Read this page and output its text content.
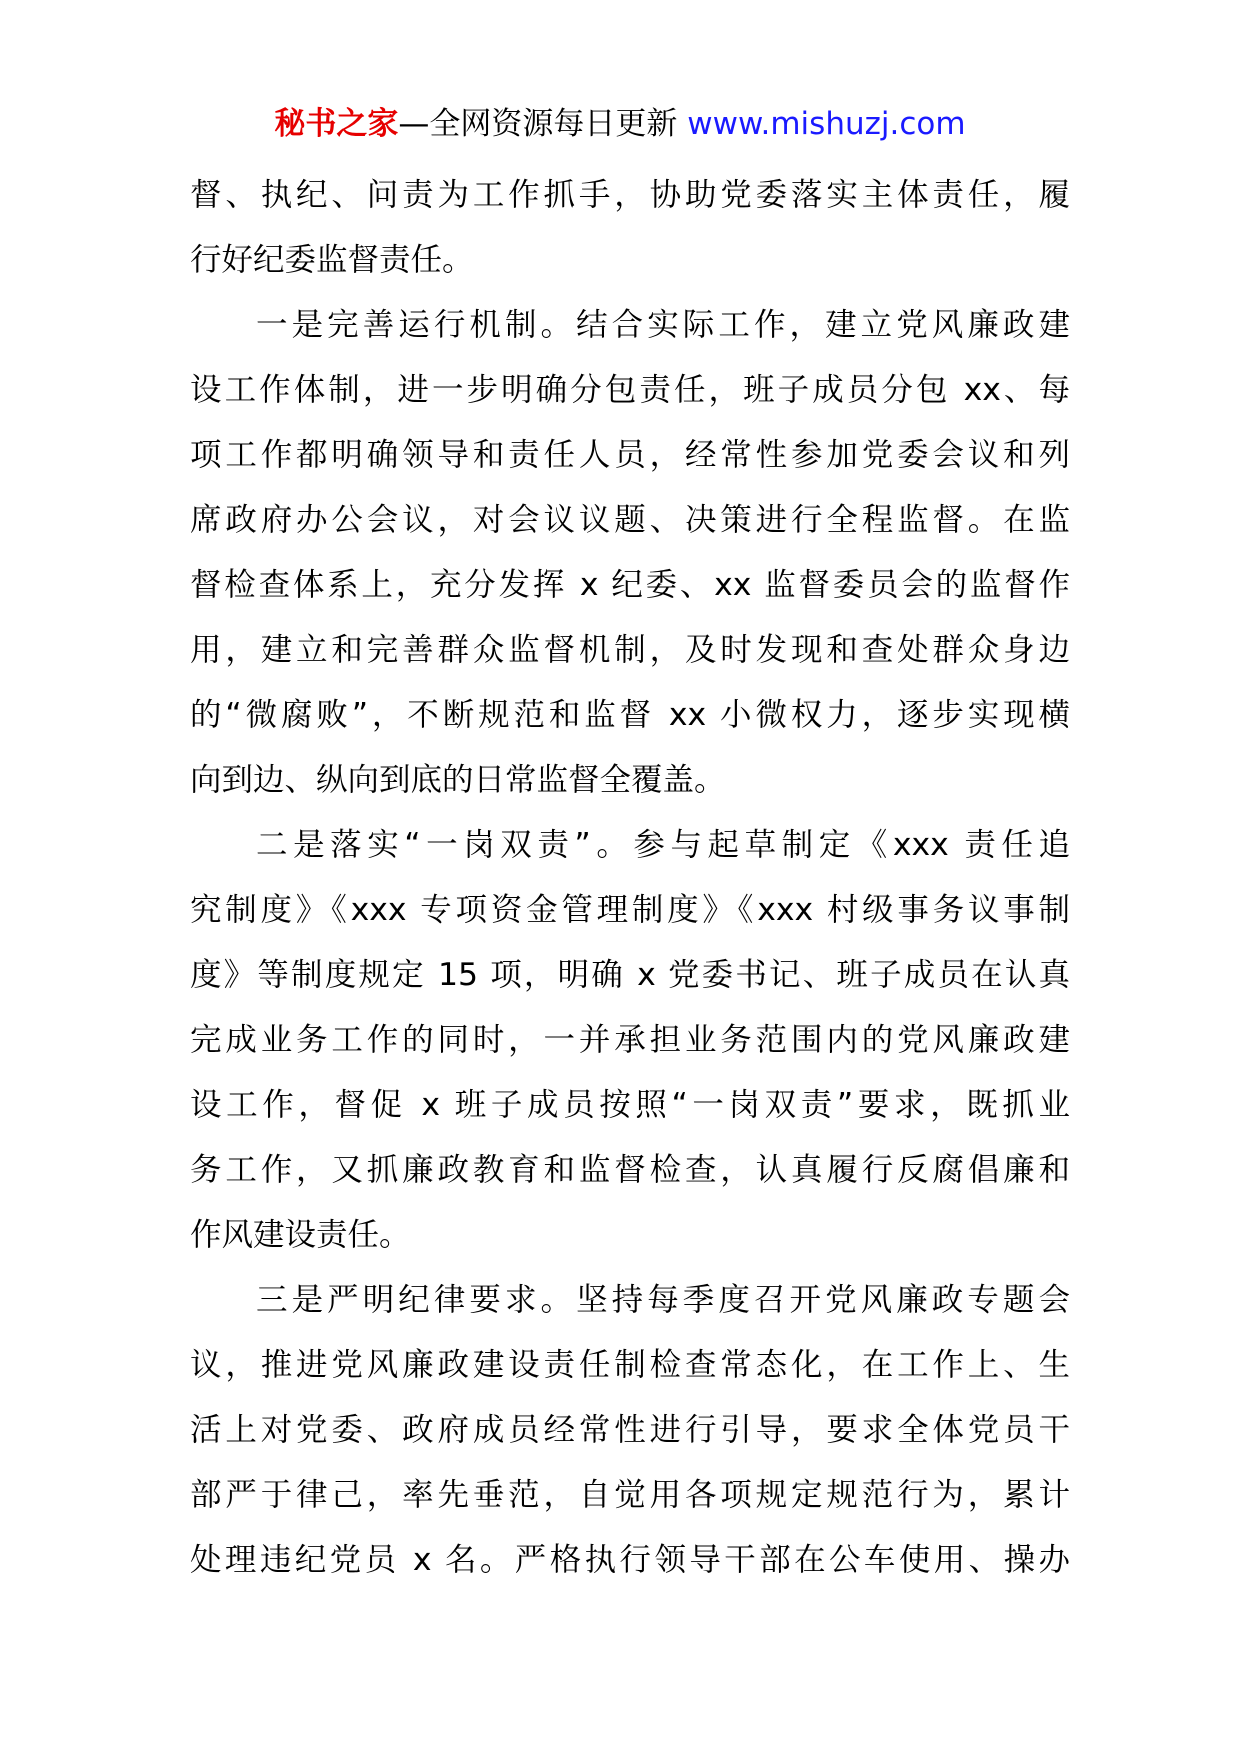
秘书之家—全网资源每日更新 www.mishuzj.com
督、执纪、问责为工作抓手，协助党委落实主体责任，履
行好纪委监督责任。
一是完善运行机制。结合实际工作，建立党风廉政建
设工作体制，进一步明确分包责任，班子成员分包 xx、每
项工作都明确领导和责任人员，经常性参加党委会议和列
席政府办公会议，对会议议题、决策进行全程监督。在监
督检查体系上，充分发挥 x 纪委、xx 监督委员会的监督作
用，建立和完善群众监督机制，及时发现和查处群众身边
的“微腐败”，不断规范和监督 xx 小微权力，逐步实现横
向到边、纵向到底的日常监督全覆盖。
二是落实“一岗双责”。参与起草制定《xxx 责任追
究制度》《xxx 专项资金管理制度》《xxx 村级事务议事制
度》等制度规定 15 项，明确 x 党委书记、班子成员在认真
完成业务工作的同时，一并承担业务范围内的党风廉政建
设工作，督促 x 班子成员按照“一岗双责”要求，既抓业
务工作，又抓廉政教育和监督检查，认真履行反腐倡廉和
作风建设责任。
三是严明纪律要求。坚持每季度召开党风廉政专题会
议，推进党风廉政建设责任制检查常态化，在工作上、生
活上对党委、政府成员经常性进行引导，要求全体党员干
部严于律己，率先垂范，自觉用各项规定规范行为，累计
处理违纪党员 x 名。严格执行领导干部在公车使用、操办
